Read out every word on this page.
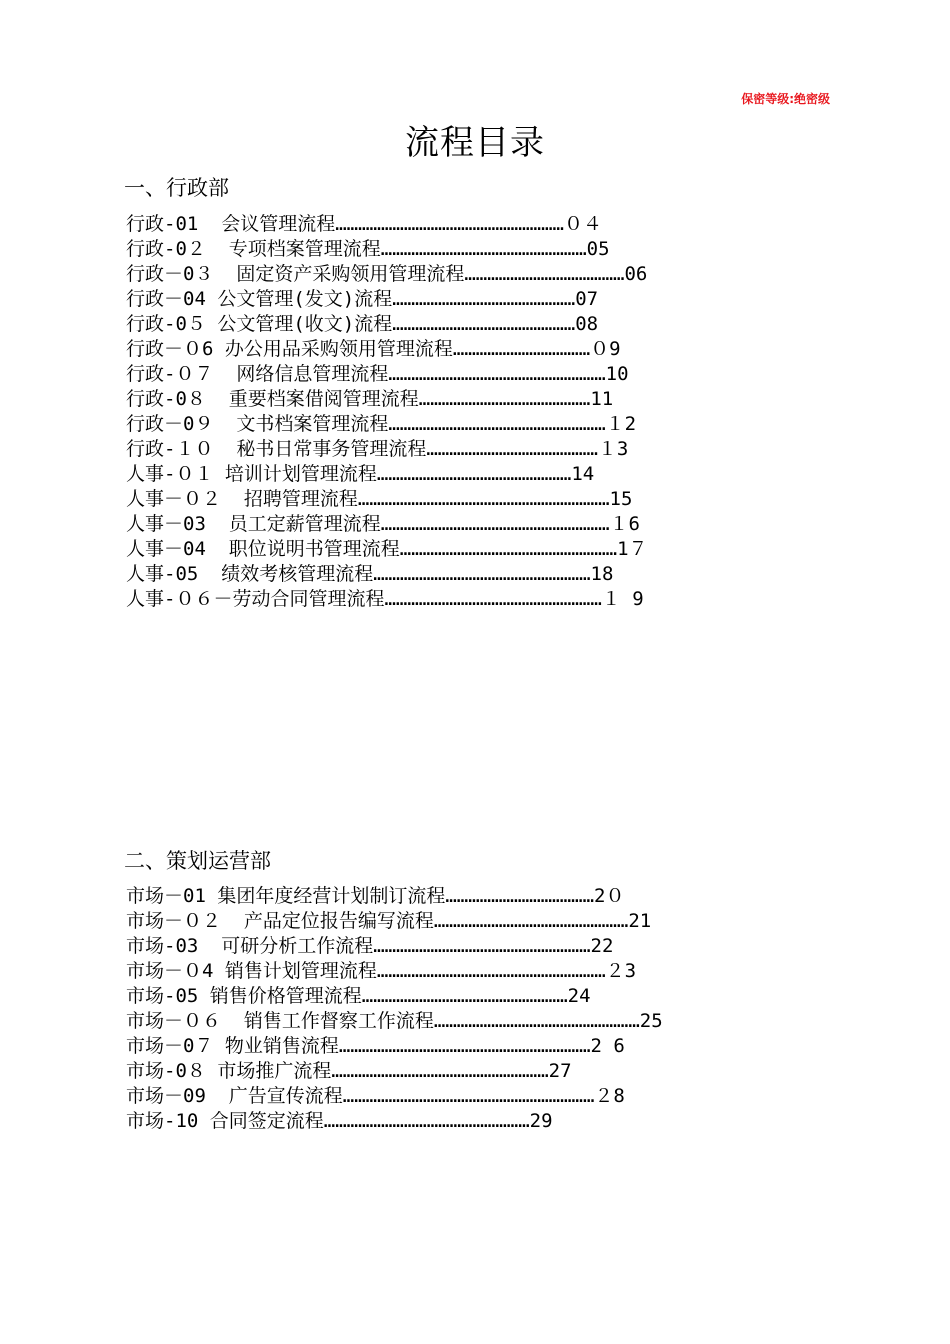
保密等级:绝密级
流程目录
一、行政部
行政-01  会议管理流程……………………………………………………０４
行政-0２  专项档案管理流程………………………………………………05
行政－0３  固定资产采购领用管理流程……………………………………06
行政－04 公文管理(发文)流程…………………………………………07
行政-0５ 公文管理(收文)流程…………………………………………08
行政－０6 办公用品采购领用管理流程………………………………０9
行政-０７  网络信息管理流程…………………………………………………10
行政-0８  重要档案借阅管理流程………………………………………11
行政－0９  文书档案管理流程…………………………………………………１2
行政-１０  秘书日常事务管理流程………………………………………１3
人事-０１ 培训计划管理流程……………………………………………14
人事－０２  招聘管理流程…………………………………………………………15
人事－03  员工定薪管理流程……………………………………………………１6
人事－04  职位说明书管理流程…………………………………………………1７
人事-05  绩效考核管理流程…………………………………………………18
人事-０６－劳动合同管理流程…………………………………………………１ 9
二、策划运营部
市场－01 集团年度经营计划制订流程…………………………………2０
市场－０２  产品定位报告编写流程……………………………………………21
市场-03  可研分析工作流程…………………………………………………22
市场－０4 销售计划管理流程……………………………………………………２3
市场-05 销售价格管理流程………………………………………………24
市场－０６  销售工作督察工作流程………………………………………………25
市场－0７ 物业销售流程…………………………………………………………2 6
市场-0８ 市场推广流程…………………………………………………27
市场－09  广告宣传流程…………………………………………………………２8
市场-10 合同签定流程………………………………………………29
